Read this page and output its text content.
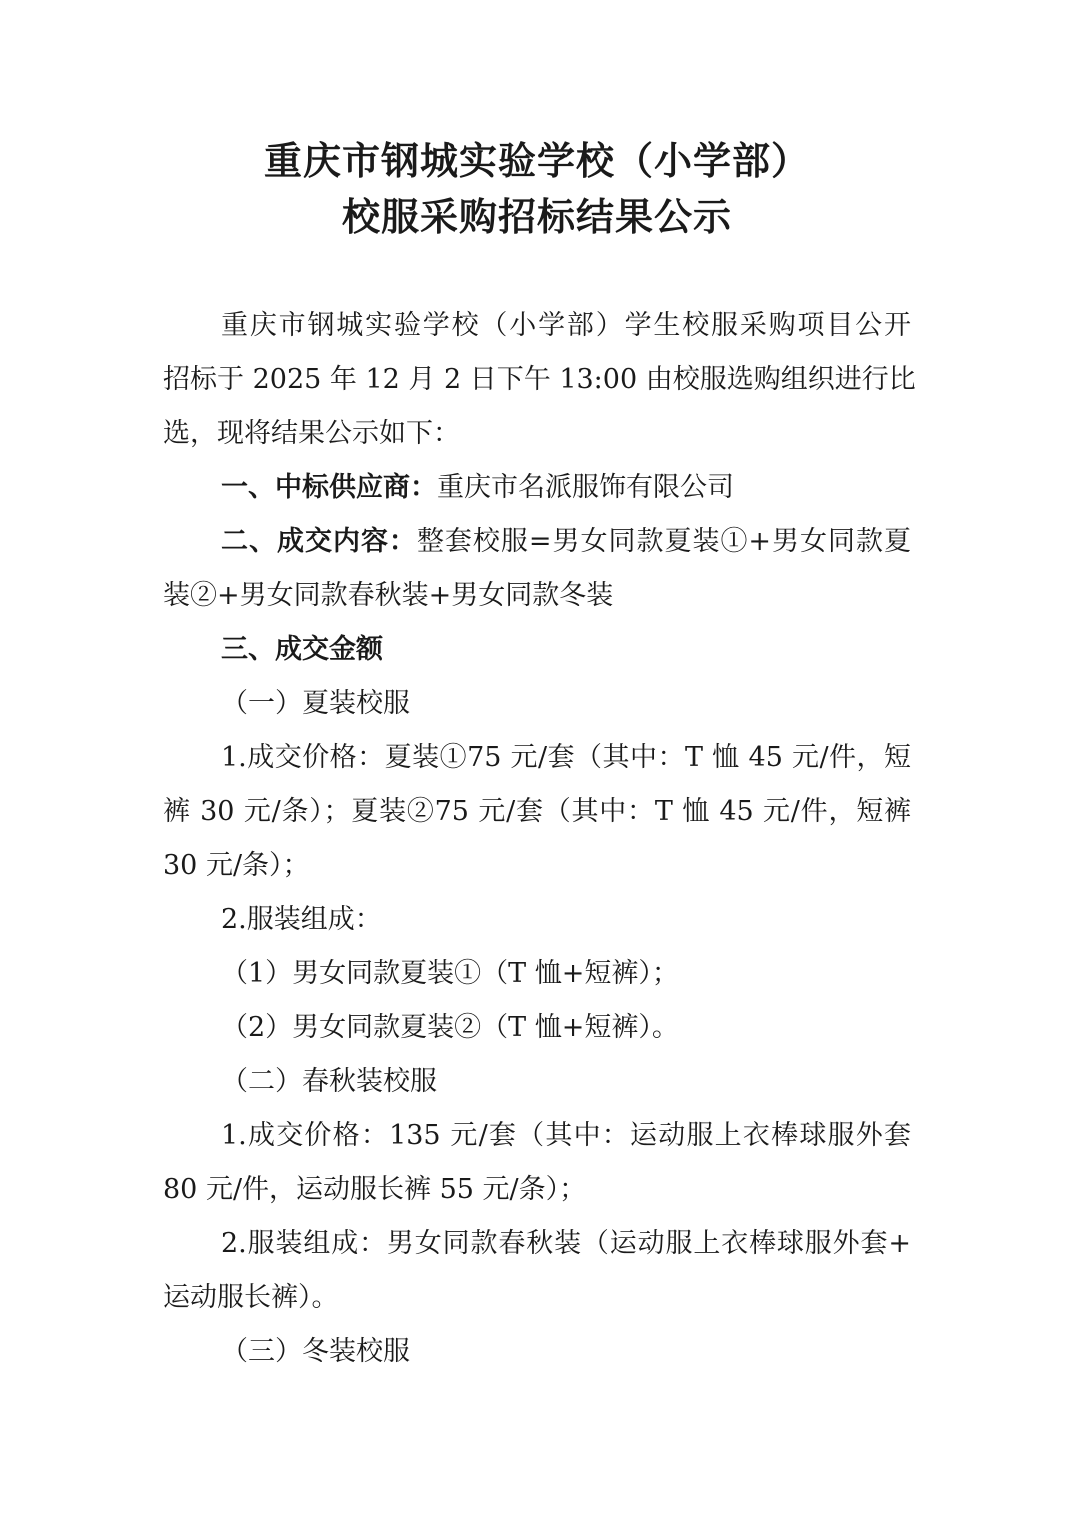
重庆市钢城实验学校（小学部）
校服采购招标结果公示
重庆市钢城实验学校（小学部）学生校服采购项目公开
招标于 2025 年 12 月 2 日下午 13:00 由校服选购组织进行比
选，现将结果公示如下：
一、中标供应商：重庆市名派服饰有限公司
二、成交内容：整套校服=男女同款夏装①+男女同款夏
装②+男女同款春秋装+男女同款冬装
三、成交金额
（一）夏装校服
1.成交价格：夏装①75 元/套（其中：T 恤 45 元/件，短
裤 30 元/条）；夏装②75 元/套（其中：T 恤 45 元/件，短裤
30 元/条）；
2.服装组成：
（1）男女同款夏装①（T 恤+短裤）；
（2）男女同款夏装②（T 恤+短裤）。
（二）春秋装校服
1.成交价格：135 元/套（其中：运动服上衣棒球服外套
80 元/件，运动服长裤 55 元/条）；
2.服装组成：男女同款春秋装（运动服上衣棒球服外套+
运动服长裤）。
（三）冬装校服
